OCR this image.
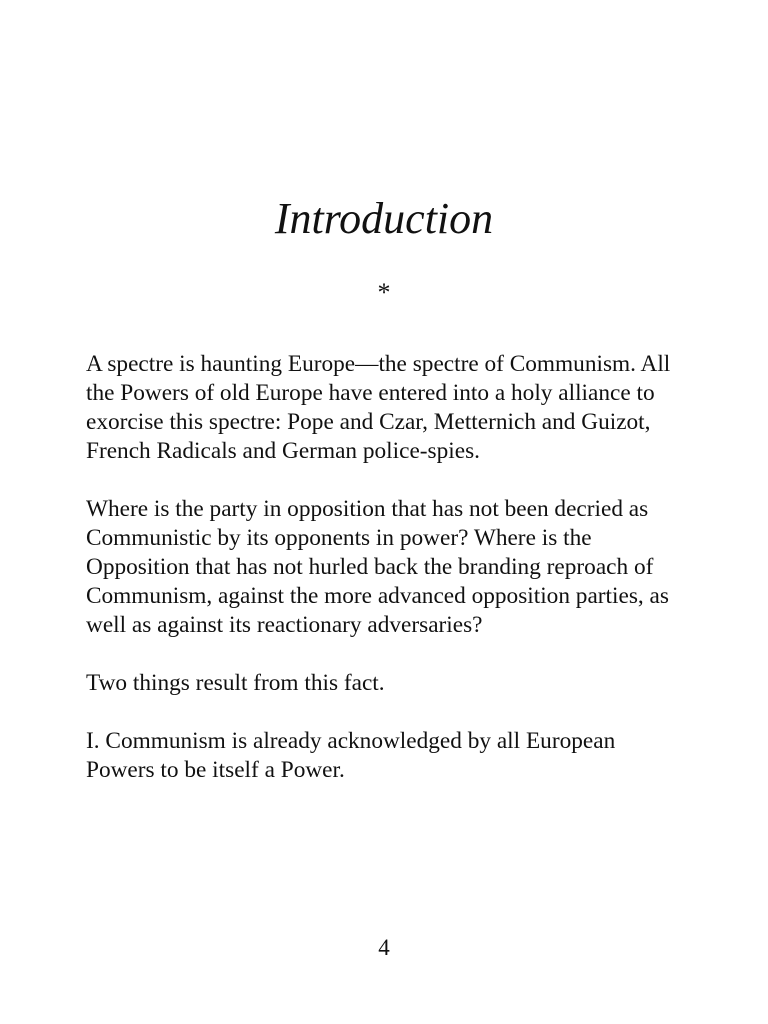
Introduction
*

A spectre is haunting Europe—the spectre of Communism. All the Powers of old Europe have entered into a holy alliance to exorcise this spectre: Pope and Czar, Metternich and Guizot, French Radicals and German police-spies.

Where is the party in opposition that has not been decried as Communistic by its opponents in power? Where is the Opposition that has not hurled back the branding reproach of Communism, against the more advanced opposition parties, as well as against its reactionary adversaries?

Two things result from this fact.

I. Communism is already acknowledged by all European Powers to be itself a Power.

4
